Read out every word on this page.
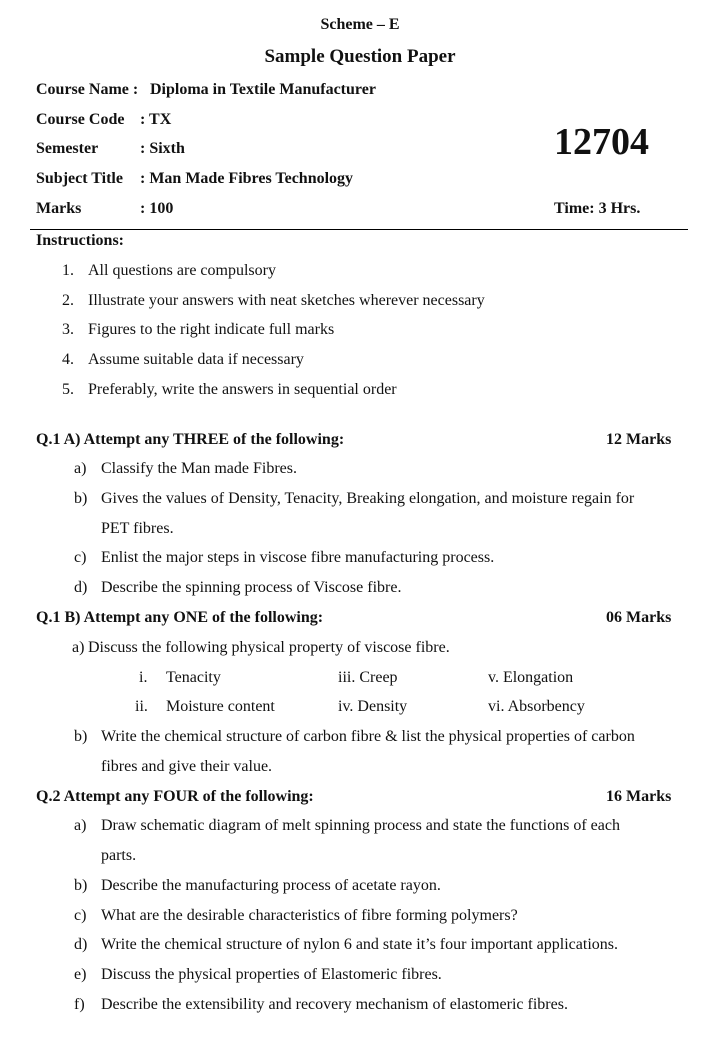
Scheme – E
Sample Question Paper
Course Name : Diploma in Textile Manufacturer
Course Code : TX
Semester	: Sixth
Subject Title : Man Made Fibres Technology
Marks	: 100
12704
Time: 3 Hrs.
Instructions:
1. All questions are compulsory
2. Illustrate your answers with neat sketches wherever necessary
3. Figures to the right indicate full marks
4. Assume suitable data if necessary
5. Preferably, write the answers in sequential order
Q.1 A) Attempt any THREE of the following:	12 Marks
a) Classify the Man made Fibres.
b) Gives the values of Density, Tenacity, Breaking elongation, and moisture regain for
PET fibres.
c) Enlist the major steps in viscose fibre manufacturing process.
d) Describe the spinning process of Viscose fibre.
Q.1 B) Attempt any ONE of the following:	06 Marks
a) Discuss the following physical property of viscose fibre.
i. Tenacity	iii. Creep	v. Elongation
ii. Moisture content	iv. Density	vi. Absorbency
b) Write the chemical structure of carbon fibre & list the physical properties of carbon
fibres and give their value.
Q.2 Attempt any FOUR of the following:	16 Marks
a) Draw schematic diagram of melt spinning process and state the functions of each
parts.
b) Describe the manufacturing process of acetate rayon.
c) What are the desirable characteristics of fibre forming polymers?
d) Write the chemical structure of nylon 6 and state it’s four important applications.
e) Discuss the physical properties of Elastomeric fibres.
f) Describe the extensibility and recovery mechanism of elastomeric fibres.
